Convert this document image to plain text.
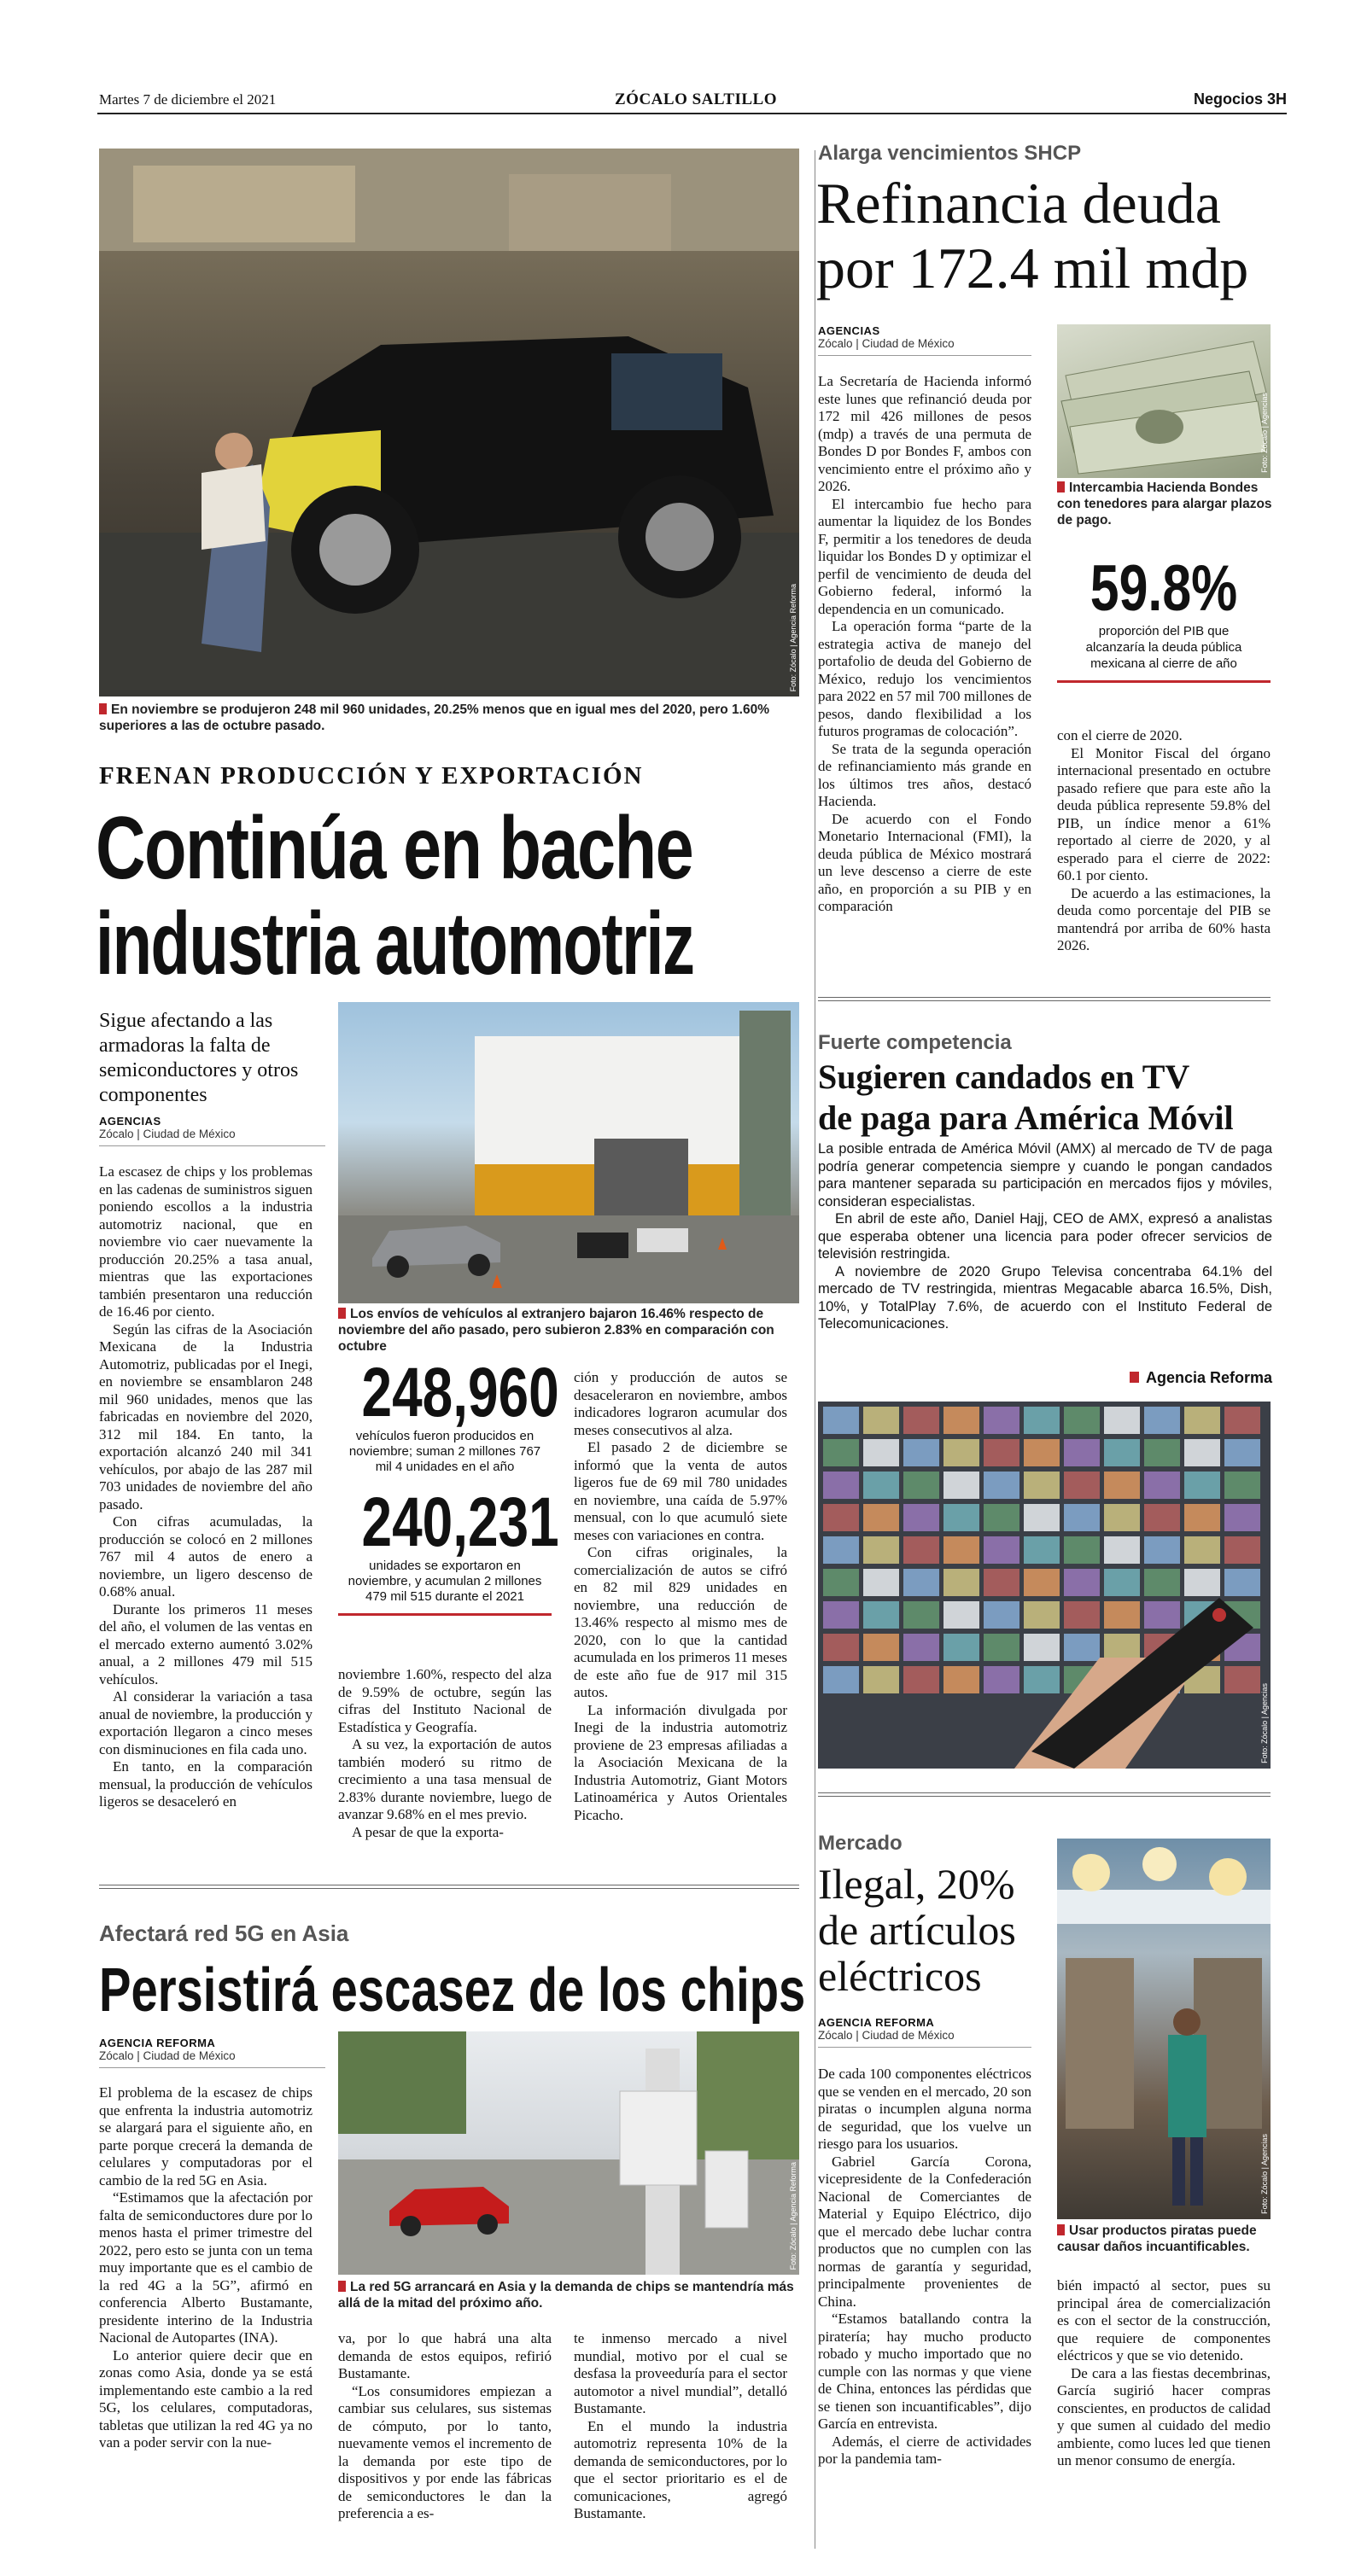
Martes 7 de diciembre el 2021	ZÓCALO SALTILLO	Negocios 3H
Foto: Zócalo | Agencia Reforma
En noviembre se produjeron 248 mil 960 unidades, 20.25% menos que en igual mes del 2020, pero 1.60% superiores a las de octubre pasado.
FRENAN PRODUCCIÓN Y EXPORTACIÓN
Continúa en bache
industria automotriz
Sigue afectando a las armadoras la falta de semiconductores y otros componentes
AGENCIAS
Zócalo | Ciudad de México

La escasez de chips y los problemas en las cadenas de suministros siguen poniendo escollos a la industria automotriz nacional, que en noviembre vio caer nuevamente la producción 20.25% a tasa anual, mientras que las exportaciones también presentaron una reducción de 16.46 por ciento.

Según las cifras de la Asociación Mexicana de la Industria Automotriz, publicadas por el Inegi, en noviembre se ensamblaron 248 mil 960 unidades, menos que las fabricadas en noviembre del 2020, 312 mil 184. En tanto, la exportación alcanzó 240 mil 341 vehículos, por abajo de las 287 mil 703 unidades de noviembre del año pasado.

Con cifras acumuladas, la producción se colocó en 2 millones 767 mil 4 autos de enero a noviembre, un ligero descenso de 0.68% anual.

Durante los primeros 11 meses del año, el volumen de las ventas en el mercado externo aumentó 3.02% anual, a 2 millones 479 mil 515 vehículos.

Al considerar la variación a tasa anual de noviembre, la producción y exportación llegaron a cinco meses con disminuciones en fila cada uno.

En tanto, en la comparación mensual, la producción de vehículos ligeros se desaceleró en

Los envíos de vehículos al extranjero bajaron 16.46% respecto de noviembre del año pasado, pero subieron 2.83% en comparación con octubre
248,960
vehículos fueron producidos en noviembre; suman 2 millones 767 mil 4 unidades en el año
240,231
unidades se exportaron en noviembre, y acumulan 2 millones 479 mil 515 durante el 2021

noviembre 1.60%, respecto del alza de 9.59% de octubre, según las cifras del Instituto Nacional de Estadística y Geografía.

A su vez, la exportación de autos también moderó su ritmo de crecimiento a una tasa mensual de 2.83% durante noviembre, luego de avanzar 9.68% en el mes previo.

A pesar de que la exporta-

ción y producción de autos se desaceleraron en noviembre, ambos indicadores lograron acumular dos meses consecutivos al alza.

El pasado 2 de diciembre se informó que la venta de autos ligeros fue de 69 mil 780 unidades en noviembre, una caída de 5.97% mensual, con lo que acumuló siete meses con variaciones en contra.

Con cifras originales, la comercialización de autos se cifró en 82 mil 829 unidades en noviembre, una reducción de 13.46% respecto al mismo mes de 2020, con lo que la cantidad acumulada en los primeros 11 meses de este año fue de 917 mil 315 autos.

La información divulgada por Inegi de la industria automotriz proviene de 23 empresas afiliadas a la Asociación Mexicana de la Industria Automotriz, Giant Motors Latinoamérica y Autos Orientales Picacho.

Afectará red 5G en Asia
Persistirá escasez de los chips
AGENCIA REFORMA
Zócalo | Ciudad de México

El problema de la escasez de chips que enfrenta la industria automotriz se alargará para el siguiente año, en parte porque crecerá la demanda de celulares y computadoras por el cambio de la red 5G en Asia.

“Estimamos que la afectación por falta de semiconductores dure por lo menos hasta el primer trimestre del 2022, pero esto se junta con un tema muy importante que es el cambio de la red 4G a la 5G”, afirmó en conferencia Alberto Bustamante, presidente interino de la Industria Nacional de Autopartes (INA).

Lo anterior quiere decir que en zonas como Asia, donde ya se está implementando este cambio a la red 5G, los celulares, computadoras, tabletas que utilizan la red 4G ya no van a poder servir con la nue-

Foto: Zócalo | Agencia Reforma
La red 5G arrancará en Asia y la demanda de chips se mantendría más allá de la mitad del próximo año.

va, por lo que habrá una alta demanda de estos equipos, refirió Bustamante.

“Los consumidores empiezan a cambiar sus celulares, sus sistemas de cómputo, por lo tanto, nuevamente vemos el incremento de la demanda por este tipo de dispositivos y por ende las fábricas de semiconductores le dan la preferencia a es-

te inmenso mercado a nivel mundial, motivo por el cual se desfasa la proveeduría para el sector automotor a nivel mundial”, detalló Bustamante.

En el mundo la industria automotriz representa 10% de la demanda de semiconductores, por lo que el sector prioritario es el de comunicaciones, agregó Bustamante.

Alarga vencimientos SHCP
Refinancia deuda
por 172.4 mil mdp
AGENCIAS
Zócalo | Ciudad de México

La Secretaría de Hacienda informó este lunes que refinanció deuda por 172 mil 426 millones de pesos (mdp) a través de una permuta de Bondes D por Bondes F, ambos con vencimiento entre el próximo año y 2026.

El intercambio fue hecho para aumentar la liquidez de los Bondes F, permitir a los tenedores de deuda liquidar los Bondes D y optimizar el perfil de vencimiento de deuda del Gobierno federal, informó la dependencia en un comunicado.

La operación forma “parte de la estrategia activa de manejo del portafolio de deuda del Gobierno de México, redujo los vencimientos para 2022 en 57 mil 700 millones de pesos, dando flexibilidad a los futuros programas de colocación”.

Se trata de la segunda operación de refinanciamiento más grande en los últimos tres años, destacó Hacienda.

De acuerdo con el Fondo Monetario Internacional (FMI), la deuda pública de México mostrará un leve descenso a cierre de este año, en proporción a su PIB y en comparación

Foto: Zócalo | Agencias
Intercambia Hacienda Bondes con tenedores para alargar plazos de pago.
59.8%
proporción del PIB que alcanzaría la deuda pública mexicana al cierre de año

con el cierre de 2020.

El Monitor Fiscal del órgano internacional presentado en octubre pasado refiere que para este año la deuda pública represente 59.8% del PIB, un índice menor a 61% reportado al cierre de 2020, y al esperado para el cierre de 2022: 60.1 por ciento.

De acuerdo a las estimaciones, la deuda como porcentaje del PIB se mantendrá por arriba de 60% hasta 2026.

Fuerte competencia
Sugieren candados en TV
de paga para América Móvil

La posible entrada de América Móvil (AMX) al mercado de TV de paga podría generar competencia siempre y cuando le pongan candados para mantener separada su participación en mercados fijos y móviles, consideran especialistas.

En abril de este año, Daniel Hajj, CEO de AMX, expresó a analistas que esperaba obtener una licencia para poder ofrecer servicios de televisión restringida.

A noviembre de 2020 Grupo Televisa concentraba 64.1% del mercado de TV restringida, mientras Megacable abarca 16.5%, Dish, 10%, y TotalPlay 7.6%, de acuerdo con el Instituto Federal de Telecomunicaciones.

Agencia Reforma
Foto: Zócalo | Agencias
Mercado
Ilegal, 20%
de artículos
eléctricos
AGENCIA REFORMA
Zócalo | Ciudad de México

De cada 100 componentes eléctricos que se venden en el mercado, 20 son piratas o incumplen alguna norma de seguridad, que los vuelve un riesgo para los usuarios.

Gabriel García Corona, vicepresidente de la Confederación Nacional de Comerciantes de Material y Equipo Eléctrico, dijo que el mercado debe luchar contra productos que no cumplen con las normas de garantía y seguridad, principalmente provenientes de China.

“Estamos batallando contra la piratería; hay mucho producto robado y mucho importado que no cumple con las normas y que viene de China, entonces las pérdidas que se tienen son incuantificables”, dijo García en entrevista.

Además, el cierre de actividades por la pandemia tam-

Foto: Zócalo | Agencias
Usar productos piratas puede causar daños incuantificables.

bién impactó al sector, pues su principal área de comercialización es con el sector de la construcción, que requiere de componentes eléctricos y que se vio detenido.

De cara a las fiestas decembrinas, García sugirió hacer compras conscientes, en productos de calidad y que sumen al cuidado del medio ambiente, como luces led que tienen un menor consumo de energía.
